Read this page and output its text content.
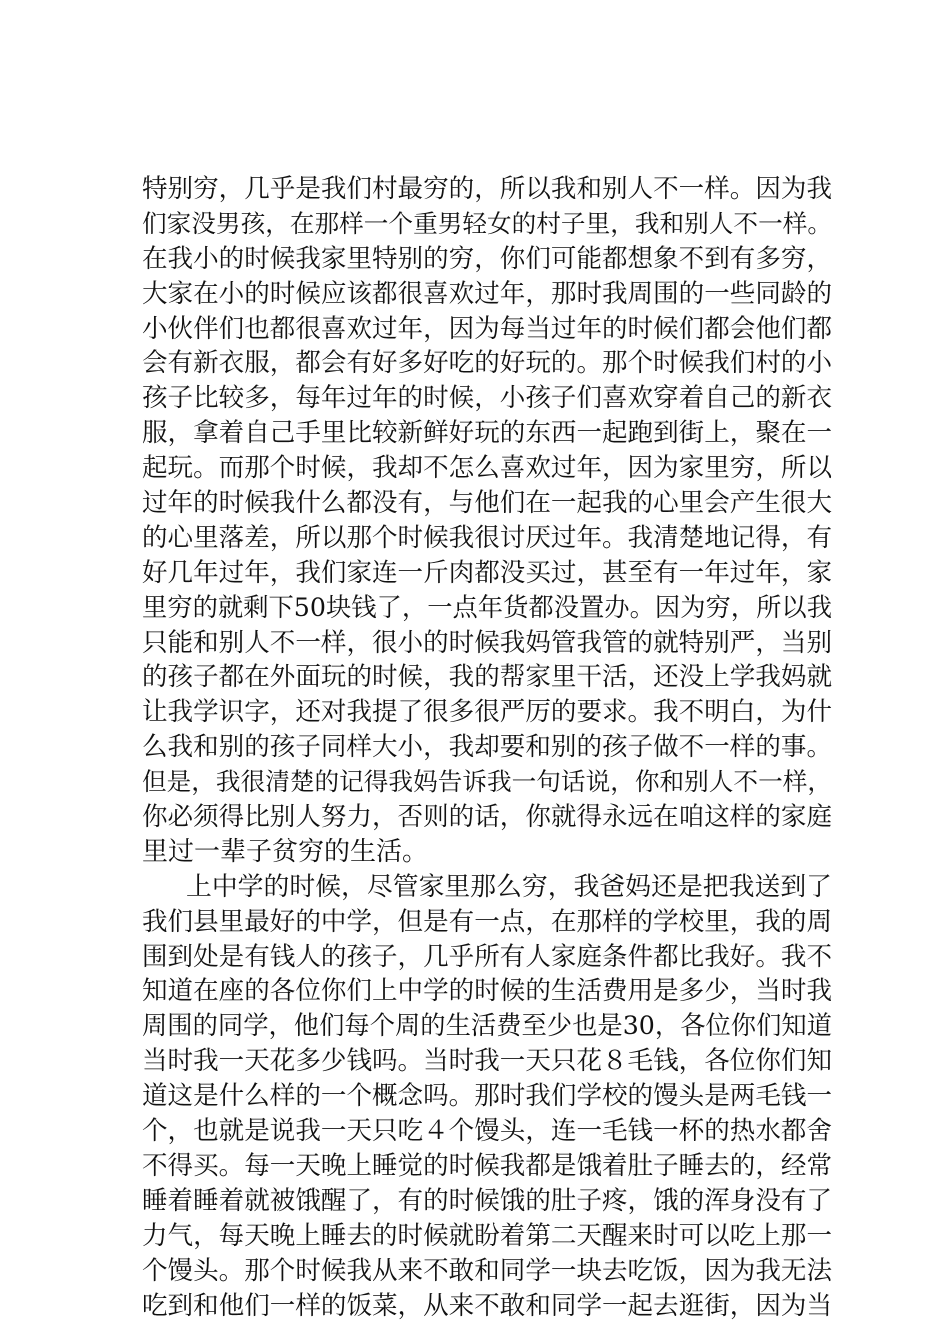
特别穷，几乎是我们村最穷的，所以我和别人不一样。因为我
们家没男孩，在那样一个重男轻女的村子里，我和别人不一样。
在我小的时候我家里特别的穷，你们可能都想象不到有多穷，
大家在小的时候应该都很喜欢过年，那时我周围的一些同龄的
小伙伴们也都很喜欢过年，因为每当过年的时候们都会他们都
会有新衣服，都会有好多好吃的好玩的。那个时候我们村的小
孩子比较多，每年过年的时候，小孩子们喜欢穿着自己的新衣
服，拿着自己手里比较新鲜好玩的东西一起跑到街上，聚在一
起玩。而那个时候，我却不怎么喜欢过年，因为家里穷，所以
过年的时候我什么都没有，与他们在一起我的心里会产生很大
的心里落差，所以那个时候我很讨厌过年。我清楚地记得，有
好几年过年，我们家连一斤肉都没买过，甚至有一年过年，家
里穷的就剩下50块钱了，一点年货都没置办。因为穷，所以我
只能和别人不一样，很小的时候我妈管我管的就特别严，当别
的孩子都在外面玩的时候，我的帮家里干活，还没上学我妈就
让我学识字，还对我提了很多很严厉的要求。我不明白，为什
么我和别的孩子同样大小，我却要和别的孩子做不一样的事。
但是，我很清楚的记得我妈告诉我一句话说，你和别人不一样，
你必须得比别人努力，否则的话，你就得永远在咱这样的家庭
里过一辈子贫穷的生活。
上中学的时候，尽管家里那么穷，我爸妈还是把我送到了
我们县里最好的中学，但是有一点，在那样的学校里，我的周
围到处是有钱人的孩子，几乎所有人家庭条件都比我好。我不
知道在座的各位你们上中学的时候的生活费用是多少，当时我
周围的同学，他们每个周的生活费至少也是30，各位你们知道
当时我一天花多少钱吗。当时我一天只花８毛钱，各位你们知
道这是什么样的一个概念吗。那时我们学校的馒头是两毛钱一
个，也就是说我一天只吃４个馒头，连一毛钱一杯的热水都舍
不得买。每一天晚上睡觉的时候我都是饿着肚子睡去的，经常
睡着睡着就被饿醒了，有的时候饿的肚子疼，饿的浑身没有了
力气，每天晚上睡去的时候就盼着第二天醒来时可以吃上那一
个馒头。那个时候我从来不敢和同学一块去吃饭，因为我无法
吃到和他们一样的饭菜，从来不敢和同学一起去逛街，因为当
